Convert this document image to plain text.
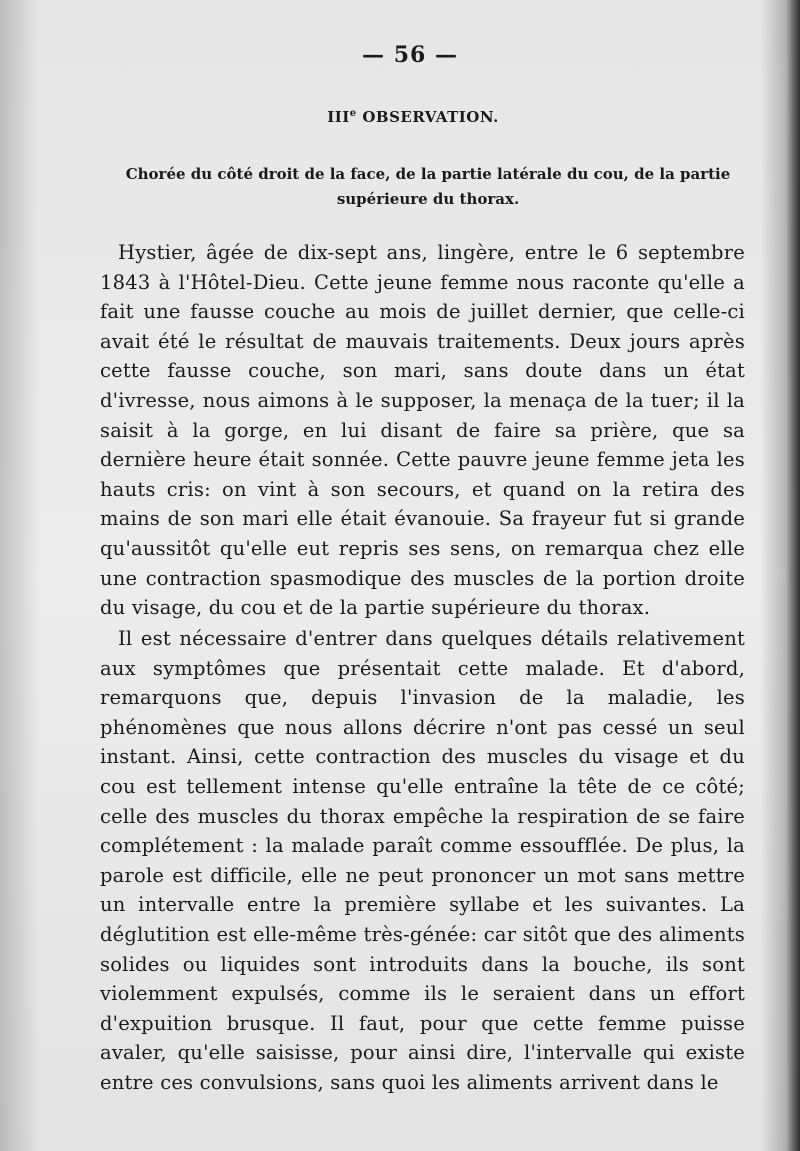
— 56 —
IIIe OBSERVATION.
Chorée du côté droit de la face, de la partie latérale du cou, de la partie supérieure du thorax.
Hystier, âgée de dix-sept ans, lingère, entre le 6 septembre 1843 à l'Hôtel-Dieu. Cette jeune femme nous raconte qu'elle a fait une fausse couche au mois de juillet dernier, que celle-ci avait été le résultat de mauvais traitements. Deux jours après cette fausse couche, son mari, sans doute dans un état d'ivresse, nous aimons à le supposer, la menaça de la tuer; il la saisit à la gorge, en lui disant de faire sa prière, que sa dernière heure était sonnée. Cette pauvre jeune femme jeta les hauts cris: on vint à son secours, et quand on la retira des mains de son mari elle était évanouie. Sa frayeur fut si grande qu'aussitôt qu'elle eut repris ses sens, on remarqua chez elle une contraction spasmodique des muscles de la portion droite du visage, du cou et de la partie supérieure du thorax.
Il est nécessaire d'entrer dans quelques détails relativement aux symptômes que présentait cette malade. Et d'abord, remarquons que, depuis l'invasion de la maladie, les phénomènes que nous allons décrire n'ont pas cessé un seul instant. Ainsi, cette contraction des muscles du visage et du cou est tellement intense qu'elle entraîne la tête de ce côté; celle des muscles du thorax empêche la respiration de se faire complétement : la malade paraît comme essoufflée. De plus, la parole est difficile, elle ne peut prononcer un mot sans mettre un intervalle entre la première syllabe et les suivantes. La déglutition est elle-même très-génée: car sitôt que des aliments solides ou liquides sont introduits dans la bouche, ils sont violemment expulsés, comme ils le seraient dans un effort d'expuition brusque. Il faut, pour que cette femme puisse avaler, qu'elle saisisse, pour ainsi dire, l'intervalle qui existe entre ces convulsions, sans quoi les aliments arrivent dans le
